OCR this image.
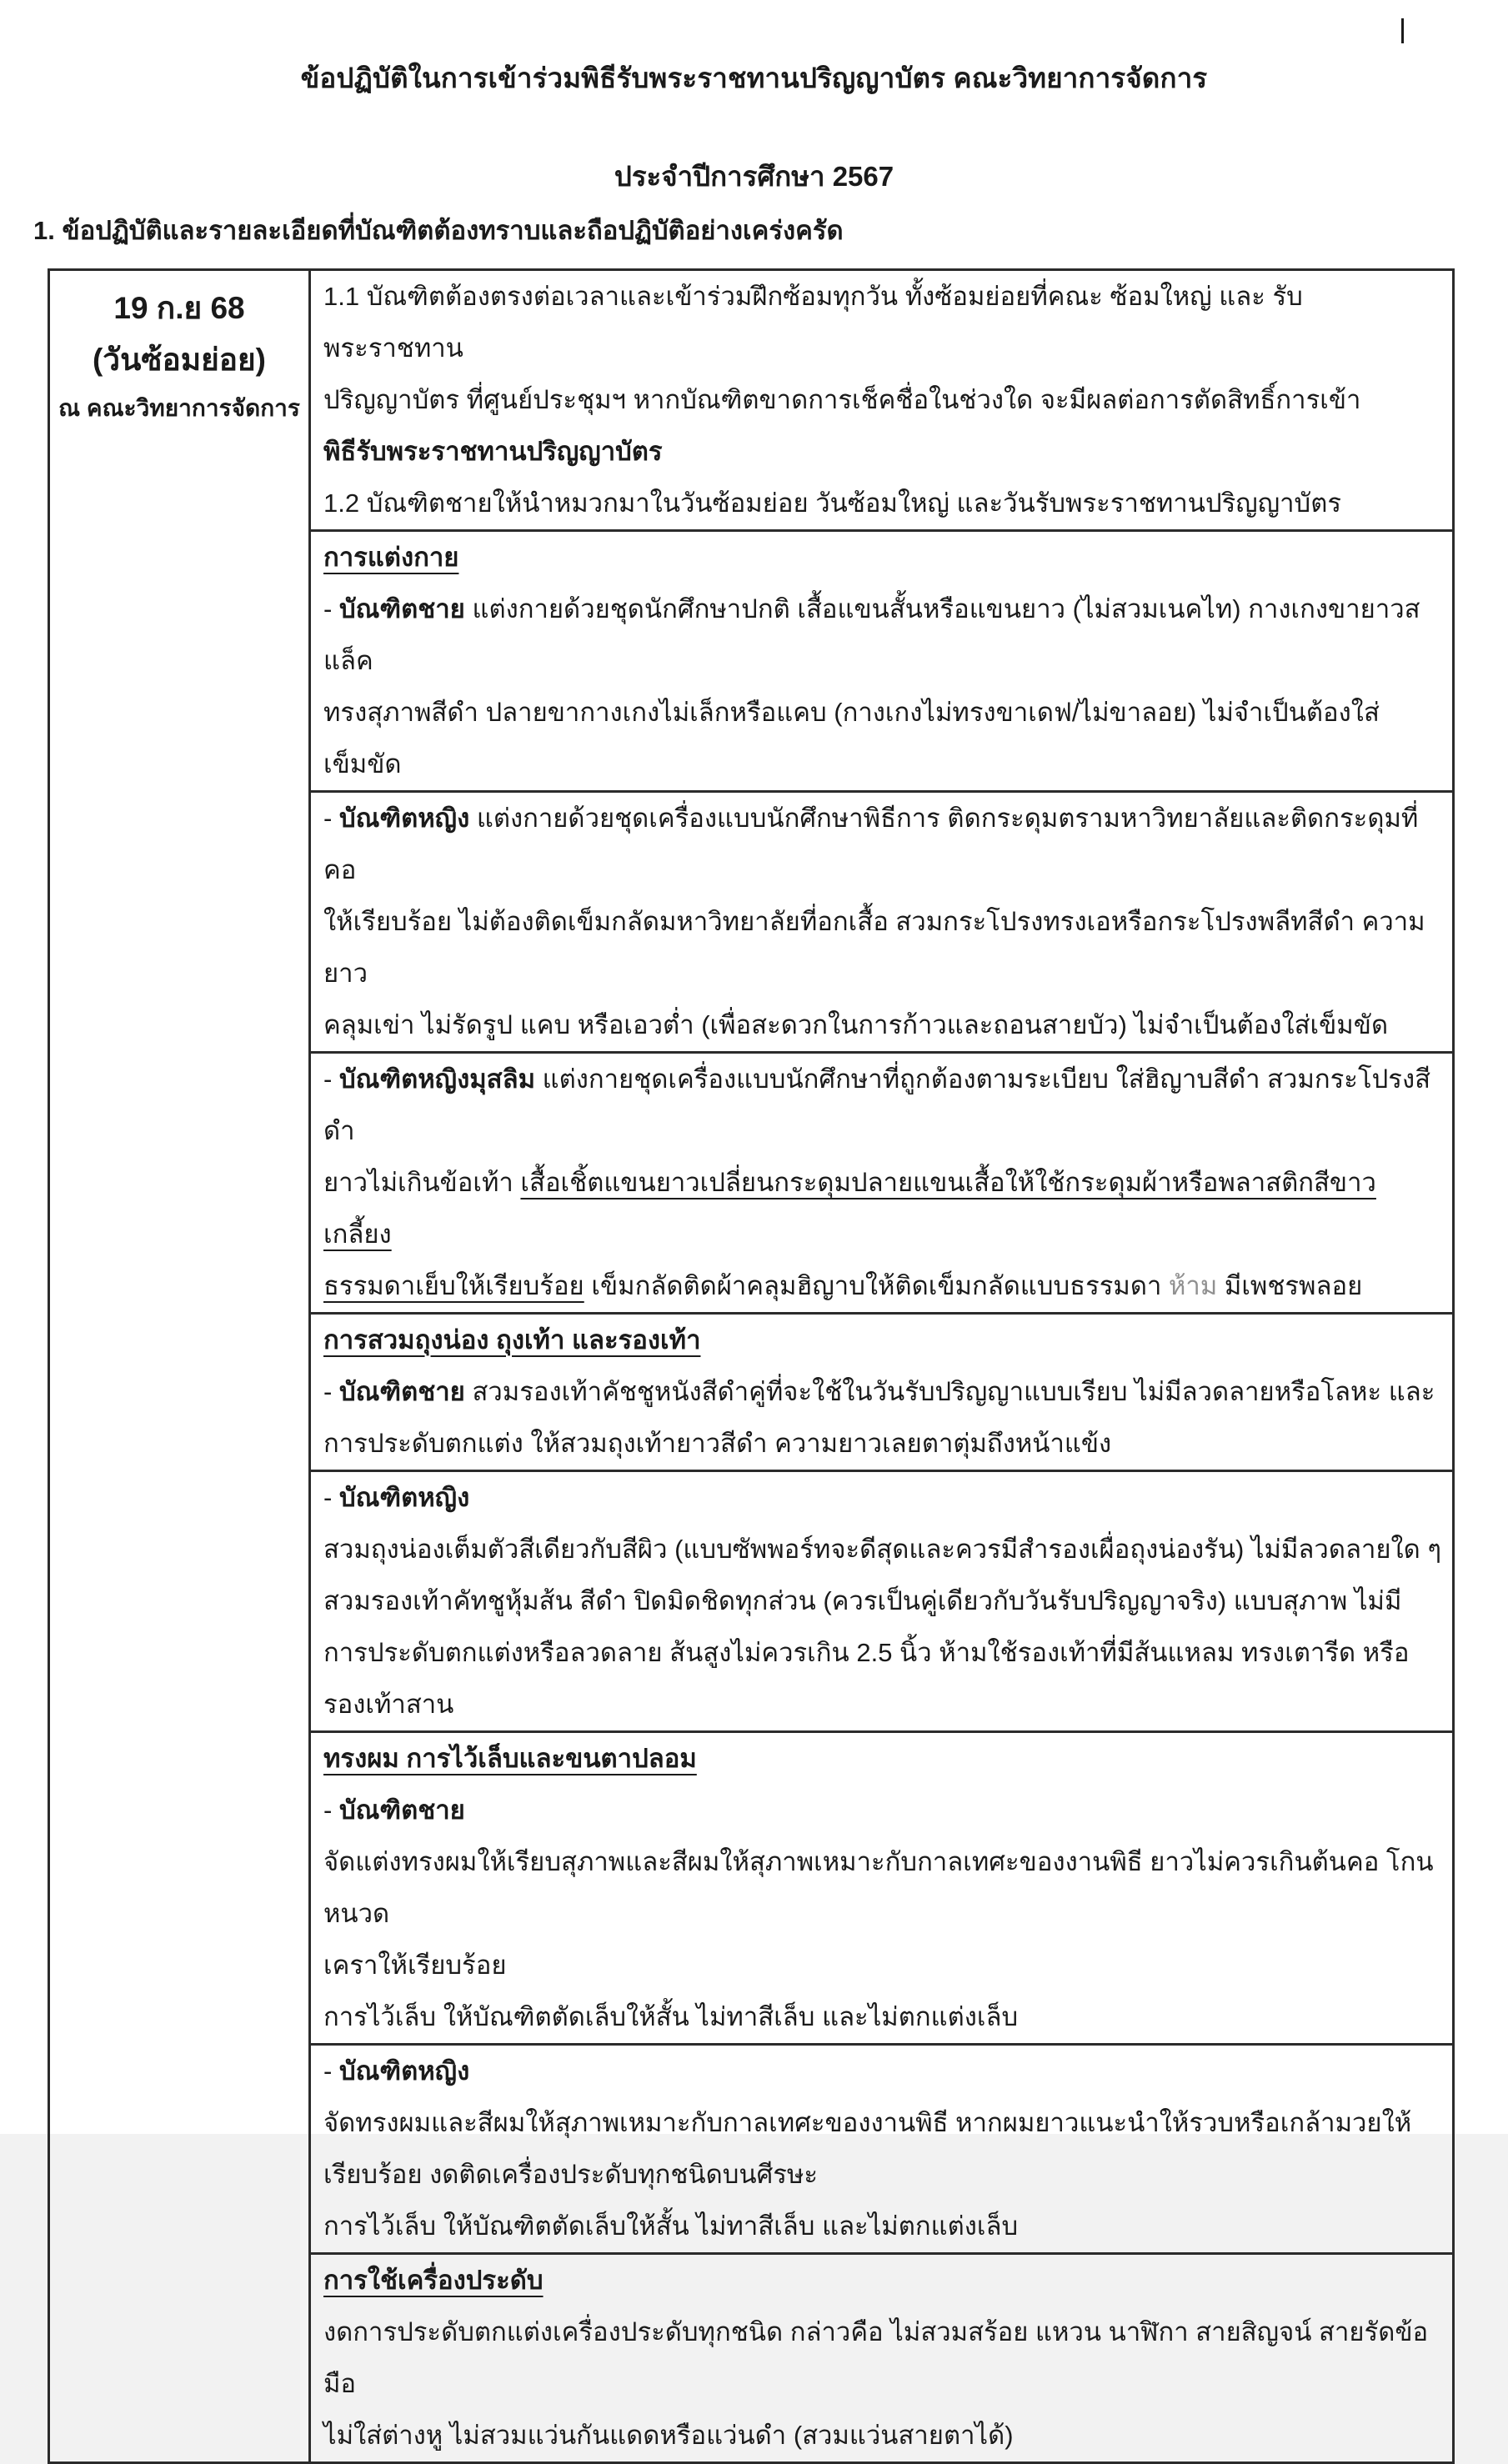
ข้อปฏิบัติในการเข้าร่วมพิธีรับพระราชทานปริญญาบัตร คณะวิทยาการจัดการ
ประจำปีการศึกษา 2567
1. ข้อปฏิบัติและรายละเอียดที่บัณฑิตต้องทราบและถือปฏิบัติอย่างเคร่งครัด
19 ก.ย 68
(วันซ้อมย่อย)
ณ คณะวิทยาการจัดการ
1.1 บัณฑิตต้องตรงต่อเวลาและเข้าร่วมฝึกซ้อมทุกวัน ทั้งซ้อมย่อยที่คณะ ซ้อมใหญ่ และ รับพระราชทาน
ปริญญาบัตร ที่ศูนย์ประชุมฯ หากบัณฑิตขาดการเช็คชื่อในช่วงใด จะมีผลต่อการตัดสิทธิ์การเข้า
พิธีรับพระราชทานปริญญาบัตร
1.2 บัณฑิตชายให้นำหมวกมาในวันซ้อมย่อย วันซ้อมใหญ่ และวันรับพระราชทานปริญญาบัตร
การแต่งกาย
- บัณฑิตชาย แต่งกายด้วยชุดนักศึกษาปกติ เสื้อแขนสั้นหรือแขนยาว (ไม่สวมเนคไท) กางเกงขายาวสแล็ค
ทรงสุภาพสีดำ ปลายขากางเกงไม่เล็กหรือแคบ (กางเกงไม่ทรงขาเดฟ/ไม่ขาลอย) ไม่จำเป็นต้องใส่เข็มขัด
- บัณฑิตหญิง แต่งกายด้วยชุดเครื่องแบบนักศึกษาพิธีการ ติดกระดุมตรามหาวิทยาลัยและติดกระดุมที่คอ
ให้เรียบร้อย ไม่ต้องติดเข็มกลัดมหาวิทยาลัยที่อกเสื้อ สวมกระโปรงทรงเอหรือกระโปรงพลีทสีดำ ความยาว
คลุมเข่า ไม่รัดรูป แคบ หรือเอวต่ำ (เพื่อสะดวกในการก้าวและถอนสายบัว) ไม่จำเป็นต้องใส่เข็มขัด
- บัณฑิตหญิงมุสลิม แต่งกายชุดเครื่องแบบนักศึกษาที่ถูกต้องตามระเบียบ ใส่ฮิญาบสีดำ สวมกระโปรงสีดำ
ยาวไม่เกินข้อเท้า เสื้อเชิ้ตแขนยาวเปลี่ยนกระดุมปลายแขนเสื้อให้ใช้กระดุมผ้าหรือพลาสติกสีขาวเกลี้ยง
ธรรมดาเย็บให้เรียบร้อย เข็มกลัดติดผ้าคลุมฮิญาบให้ติดเข็มกลัดแบบธรรมดา ห้าม มีเพชรพลอย
การสวมถุงน่อง ถุงเท้า และรองเท้า
- บัณฑิตชาย สวมรองเท้าคัชชูหนังสีดำคู่ที่จะใช้ในวันรับปริญญาแบบเรียบ ไม่มีลวดลายหรือโลหะ และ
การประดับตกแต่ง ให้สวมถุงเท้ายาวสีดำ ความยาวเลยตาตุ่มถึงหน้าแข้ง
- บัณฑิตหญิง
สวมถุงน่องเต็มตัวสีเดียวกับสีผิว (แบบซัพพอร์ทจะดีสุดและควรมีสำรองเผื่อถุงน่องรัน) ไม่มีลวดลายใด ๆ
สวมรองเท้าคัทชูหุ้มส้น สีดำ ปิดมิดชิดทุกส่วน (ควรเป็นคู่เดียวกับวันรับปริญญาจริง) แบบสุภาพ ไม่มี
การประดับตกแต่งหรือลวดลาย ส้นสูงไม่ควรเกิน 2.5 นิ้ว ห้ามใช้รองเท้าที่มีส้นแหลม ทรงเตารีด หรือรองเท้าสาน
ทรงผม การไว้เล็บและขนตาปลอม
- บัณฑิตชาย
จัดแต่งทรงผมให้เรียบสุภาพและสีผมให้สุภาพเหมาะกับกาลเทศะของงานพิธี ยาวไม่ควรเกินต้นคอ โกนหนวด
เคราให้เรียบร้อย
การไว้เล็บ ให้บัณฑิตตัดเล็บให้สั้น ไม่ทาสีเล็บ และไม่ตกแต่งเล็บ
- บัณฑิตหญิง
จัดทรงผมและสีผมให้สุภาพเหมาะกับกาลเทศะของงานพิธี หากผมยาวแนะนำให้รวบหรือเกล้ามวยให้
เรียบร้อย งดติดเครื่องประดับทุกชนิดบนศีรษะ
การไว้เล็บ ให้บัณฑิตตัดเล็บให้สั้น ไม่ทาสีเล็บ และไม่ตกแต่งเล็บ
การใช้เครื่องประดับ
งดการประดับตกแต่งเครื่องประดับทุกชนิด กล่าวคือ ไม่สวมสร้อย แหวน นาฬิกา สายสิญจน์ สายรัดข้อมือ
ไม่ใส่ต่างหู ไม่สวมแว่นกันแดดหรือแว่นดำ (สวมแว่นสายตาได้)
